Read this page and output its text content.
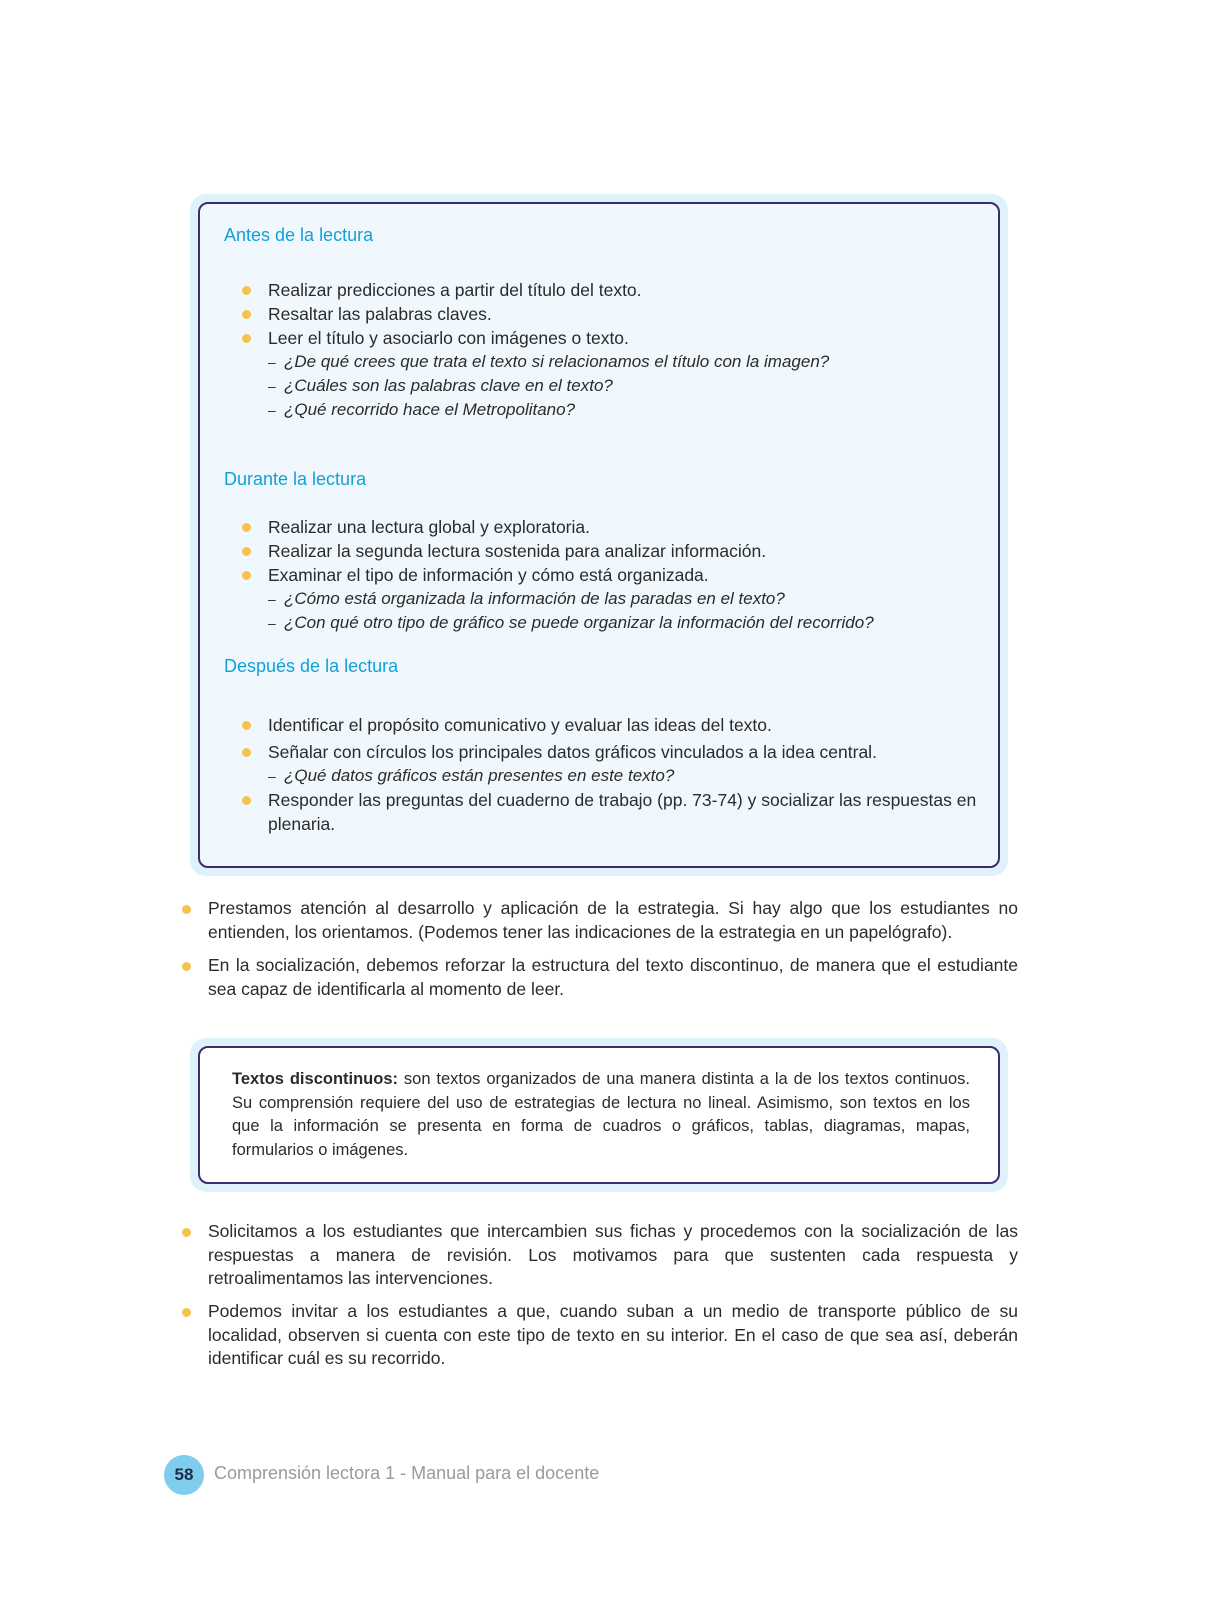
Antes de la lectura
Realizar predicciones a partir del título del texto.
Resaltar las palabras claves.
Leer el título y asociarlo con imágenes o texto.
– ¿De qué crees que trata el texto si relacionamos el título con la imagen?
– ¿Cuáles son las palabras clave en el texto?
– ¿Qué recorrido hace el Metropolitano?
Durante la lectura
Realizar una lectura global y exploratoria.
Realizar la segunda lectura sostenida para analizar información.
Examinar el tipo de información y cómo está organizada.
– ¿Cómo está organizada la información de las paradas en el texto?
– ¿Con qué otro tipo de gráfico se puede organizar la información del recorrido?
Después de la lectura
Identificar el propósito comunicativo y evaluar las ideas del texto.
Señalar con círculos los principales datos gráficos vinculados a la idea central.
– ¿Qué datos gráficos están presentes en este texto?
Responder las preguntas del cuaderno de trabajo (pp. 73-74) y socializar las respuestas en plenaria.
Prestamos atención al desarrollo y aplicación de la estrategia. Si hay algo que los estudiantes no entienden, los orientamos. (Podemos tener las indicaciones de la estrategia en un papelógrafo).
En la socialización, debemos reforzar la estructura del texto discontinuo, de manera que el estudiante sea capaz de identificarla al momento de leer.
Textos discontinuos: son textos organizados de una manera distinta a la de los textos continuos. Su comprensión requiere del uso de estrategias de lectura no lineal. Asimismo, son textos en los que la información se presenta en forma de cuadros o gráficos, tablas, diagramas, mapas, formularios o imágenes.
Solicitamos a los estudiantes que intercambien sus fichas y procedemos con la socialización de las respuestas a manera de revisión. Los motivamos para que sustenten cada respuesta y retroalimentamos las intervenciones.
Podemos invitar a los estudiantes a que, cuando suban a un medio de transporte público de su localidad, observen si cuenta con este tipo de texto en su interior. En el caso de que sea así, deberán identificar cuál es su recorrido.
58	Comprensión lectora 1 - Manual para el docente
